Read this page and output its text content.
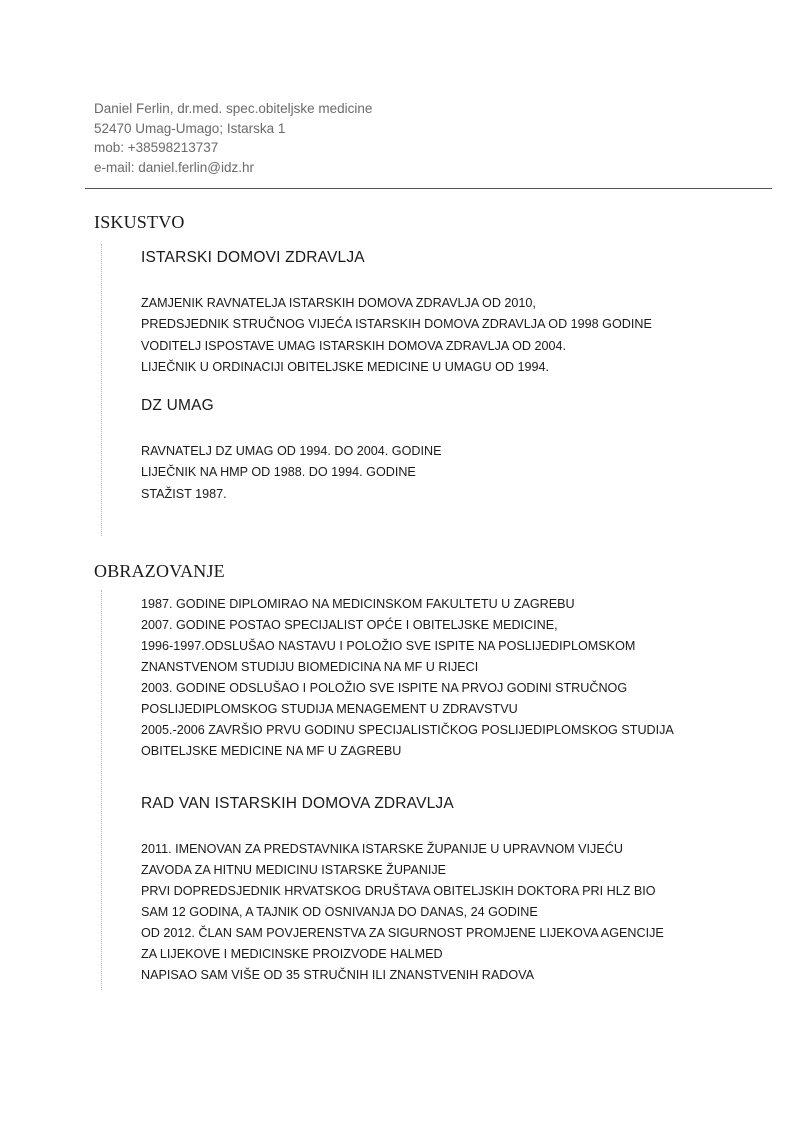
Daniel Ferlin, dr.med. spec.obiteljske medicine
52470 Umag-Umago; Istarska 1
mob: +38598213737
e-mail: daniel.ferlin@idz.hr
ISKUSTVO
ISTARSKI DOMOVI ZDRAVLJA
ZAMJENIK RAVNATELJA ISTARSKIH DOMOVA ZDRAVLJA OD 2010,
PREDSJEDNIK STRUČNOG VIJEĆA ISTARSKIH DOMOVA ZDRAVLJA OD 1998 GODINE
VODITELJ ISPOSTAVE UMAG ISTARSKIH DOMOVA ZDRAVLJA OD 2004.
LIJEČNIK U ORDINACIJI OBITELJSKE MEDICINE U UMAGU OD 1994.
DZ UMAG
RAVNATELJ DZ UMAG OD 1994. DO 2004. GODINE
LIJEČNIK NA HMP OD 1988. DO 1994. GODINE
STAŽIST 1987.
OBRAZOVANJE
1987. GODINE DIPLOMIRAO NA MEDICINSKOM FAKULTETU U ZAGREBU
2007. GODINE POSTAO SPECIJALIST OPĆE I OBITELJSKE MEDICINE,
1996-1997.ODSLUŠAO NASTAVU I POLOŽIO SVE ISPITE NA POSLIJEDIPLOMSKOM
ZNANSTVENOM STUDIJU BIOMEDICINA NA MF U RIJECI
2003. GODINE ODSLUŠAO I POLOŽIO SVE ISPITE NA PRVOJ GODINI STRUČNOG
POSLIJEDIPLOMSKOG STUDIJA MENAGEMENT U ZDRAVSTVU
2005.-2006 ZAVRŠIO PRVU GODINU SPECIJALISTIČKOG POSLIJEDIPLOMSKOG STUDIJA
OBITELJSKE MEDICINE NA MF U ZAGREBU
RAD VAN ISTARSKIH DOMOVA ZDRAVLJA
2011. IMENOVAN ZA PREDSTAVNIKA ISTARSKE ŽUPANIJE U UPRAVNOM VIJEĆU
ZAVODA ZA HITNU MEDICINU ISTARSKE ŽUPANIJE
PRVI DOPREDSJEDNIK HRVATSKOG DRUŠTAVA OBITELJSKIH DOKTORA PRI HLZ BIO
SAM 12 GODINA, A TAJNIK OD OSNIVANJA DO DANAS, 24 GODINE
OD 2012. ČLAN SAM POVJERENSTVA ZA SIGURNOST PROMJENE LIJEKOVA AGENCIJE
ZA LIJEKOVE I MEDICINSKE PROIZVODE HALMED
NAPISAO SAM VIŠE OD 35 STRUČNIH ILI ZNANSTVENIH RADOVA
